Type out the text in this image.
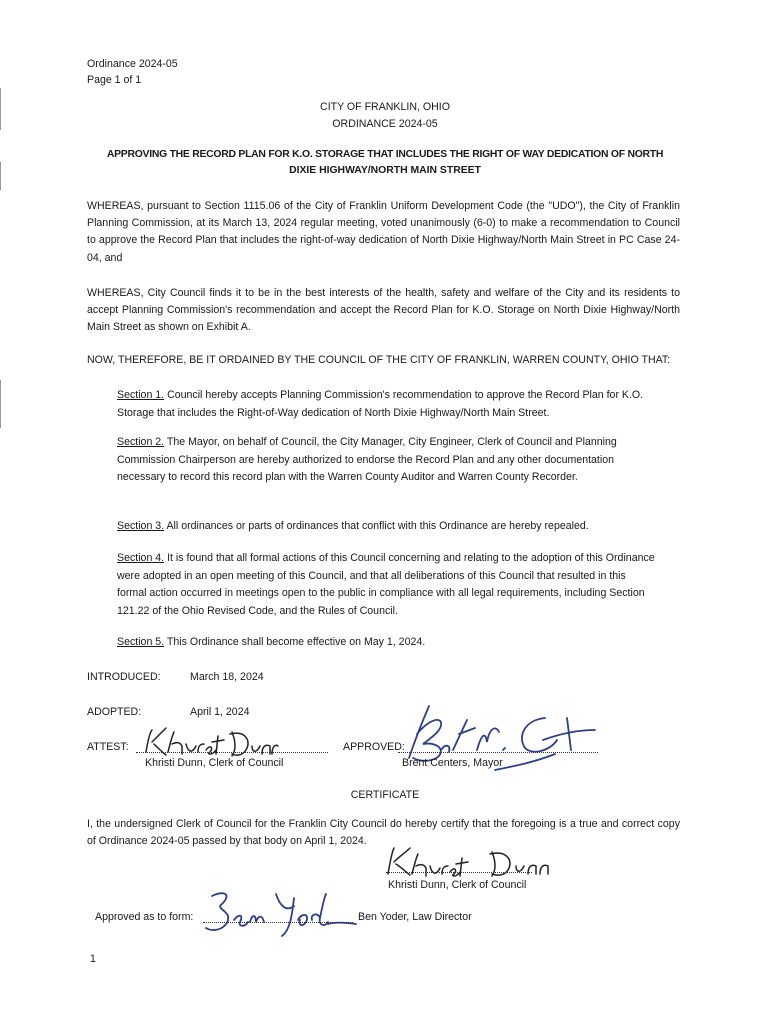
Ordinance 2024-05
Page 1 of 1
CITY OF FRANKLIN, OHIO
ORDINANCE 2024-05
APPROVING THE RECORD PLAN FOR K.O. STORAGE THAT INCLUDES THE RIGHT OF WAY DEDICATION OF NORTH
DIXIE HIGHWAY/NORTH MAIN STREET
WHEREAS, pursuant to Section 1115.06 of the City of Franklin Uniform Development Code (the "UDO"), the City of Franklin Planning Commission, at its March 13, 2024 regular meeting, voted unanimously (6-0) to make a recommendation to Council to approve the Record Plan that includes the right-of-way dedication of North Dixie Highway/North Main Street in PC Case 24-04, and
WHEREAS, City Council finds it to be in the best interests of the health, safety and welfare of the City and its residents to accept Planning Commission's recommendation and accept the Record Plan for K.O. Storage on North Dixie Highway/North Main Street as shown on Exhibit A.
NOW, THEREFORE, BE IT ORDAINED BY THE COUNCIL OF THE CITY OF FRANKLIN, WARREN COUNTY, OHIO THAT:
Section 1. Council hereby accepts Planning Commission's recommendation to approve the Record Plan for K.O. Storage that includes the Right-of-Way dedication of North Dixie Highway/North Main Street.
Section 2. The Mayor, on behalf of Council, the City Manager, City Engineer, Clerk of Council and Planning Commission Chairperson are hereby authorized to endorse the Record Plan and any other documentation necessary to record this record plan with the Warren County Auditor and Warren County Recorder.
Section 3. All ordinances or parts of ordinances that conflict with this Ordinance are hereby repealed.
Section 4. It is found that all formal actions of this Council concerning and relating to the adoption of this Ordinance were adopted in an open meeting of this Council, and that all deliberations of this Council that resulted in this formal action occurred in meetings open to the public in compliance with all legal requirements, including Section 121.22 of the Ohio Revised Code, and the Rules of Council.
Section 5. This Ordinance shall become effective on May 1, 2024.
INTRODUCED:	March 18, 2024
ADOPTED:	April 1, 2024
ATTEST:
Khristi Dunn, Clerk of Council
APPROVED:
Brent Centers, Mayor
CERTIFICATE
I, the undersigned Clerk of Council for the Franklin City Council do hereby certify that the foregoing is a true and correct copy of Ordinance 2024-05 passed by that body on April 1, 2024.
Khristi Dunn, Clerk of Council
Approved as to form:	Ben Yoder, Law Director
1
